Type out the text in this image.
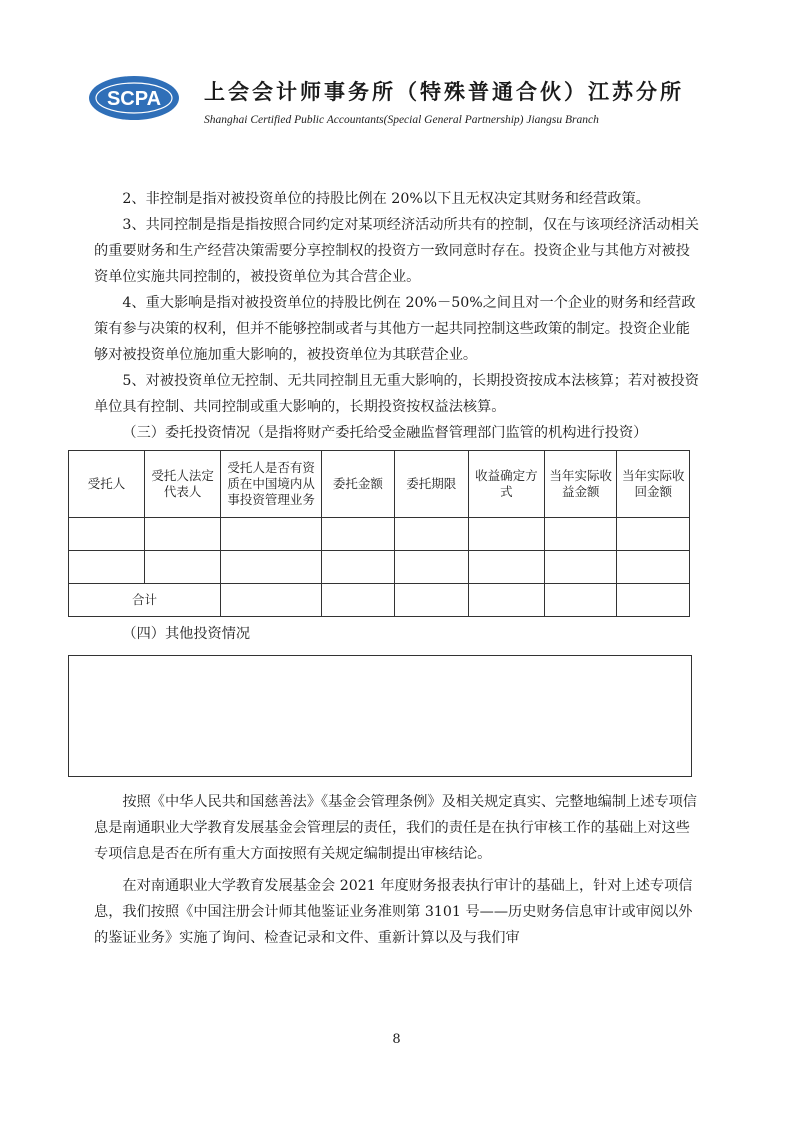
SCPA 上会会计师事务所（特殊普通合伙）江苏分所
Shanghai Certified Public Accountants(Special General Partnership) Jiangsu Branch

2、非控制是指对被投资单位的持股比例在 20%以下且无权决定其财务和经营政策。

3、共同控制是指是指按照合同约定对某项经济活动所共有的控制，仅在与该项经济活动相关的重要财务和生产经营决策需要分享控制权的投资方一致同意时存在。投资企业与其他方对被投资单位实施共同控制的，被投资单位为其合营企业。

4、重大影响是指对被投资单位的持股比例在 20%－50%之间且对一个企业的财务和经营政策有参与决策的权利，但并不能够控制或者与其他方一起共同控制这些政策的制定。投资企业能够对被投资单位施加重大影响的，被投资单位为其联营企业。

5、对被投资单位无控制、无共同控制且无重大影响的，长期投资按成本法核算；若对被投资单位具有控制、共同控制或重大影响的，长期投资按权益法核算。

（三）委托投资情况（是指将财产委托给受金融监督管理部门监管的机构进行投资）

受托人	受托人法定代表人	受托人是否有资质在中国境内从事投资管理业务	委托金额	委托期限	收益确定方式	当年实际收益金额	当年实际收回金额

合计							

（四）其他投资情况

按照《中华人民共和国慈善法》《基金会管理条例》及相关规定真实、完整地编制上述专项信息是南通职业大学教育发展基金会管理层的责任，我们的责任是在执行审核工作的基础上对这些专项信息是否在所有重大方面按照有关规定编制提出审核结论。

在对南通职业大学教育发展基金会 2021 年度财务报表执行审计的基础上，针对上述专项信息，我们按照《中国注册会计师其他鉴证业务准则第 3101 号——历史财务信息审计或审阅以外的鉴证业务》实施了询问、检查记录和文件、重新计算以及与我们审

8
